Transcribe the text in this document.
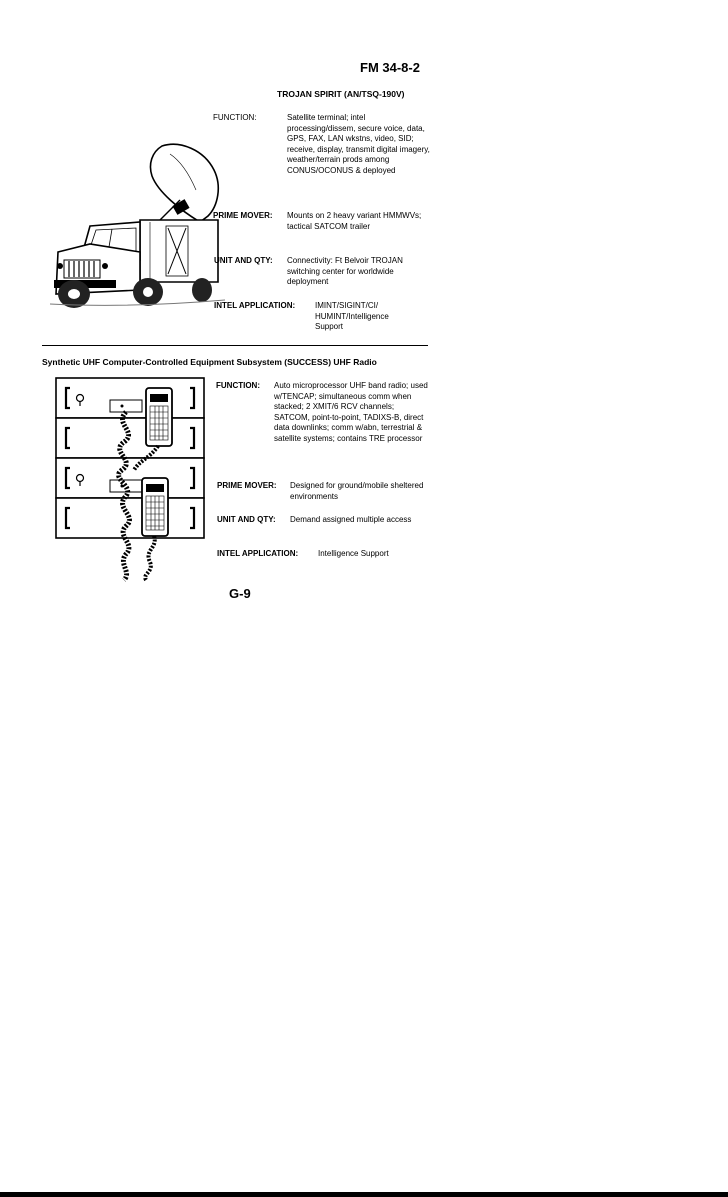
FM 34-8-2
TROJAN SPIRIT (AN/TSQ-190V)
FUNCTION:	Satellite terminal; intel processing/dissem, secure voice, data, GPS, FAX, LAN wkstns, video, SID; receive, display, transmit digital imagery, weather/terrain prods among CONUS/OCONUS & deployed
PRIME MOVER: Mounts on 2 heavy variant HMMWVs; tactical SATCOM trailer
UNIT AND QTY: Connectivity: Ft Belvoir TROJAN switching center for worldwide deployment
INTEL APPLICATION: IMINT/SIGINT/CI/ HUMINT/Intelligence Support
Synthetic UHF Computer-Controlled Equipment Subsystem (SUCCESS) UHF Radio
FUNCTION: Auto microprocessor UHF band radio; used w/TENCAP; simultaneous comm when stacked; 2 XMIT/6 RCV channels; SATCOM, point-to-point, TADIXS-B, direct data downlinks; comm w/abn, terrestrial & satellite systems; contains TRE processor
PRIME MOVER: Designed for ground/mobile sheltered environments
UNIT AND QTY: Demand assigned multiple access
INTEL APPLICATION: Intelligence Support
G-9
